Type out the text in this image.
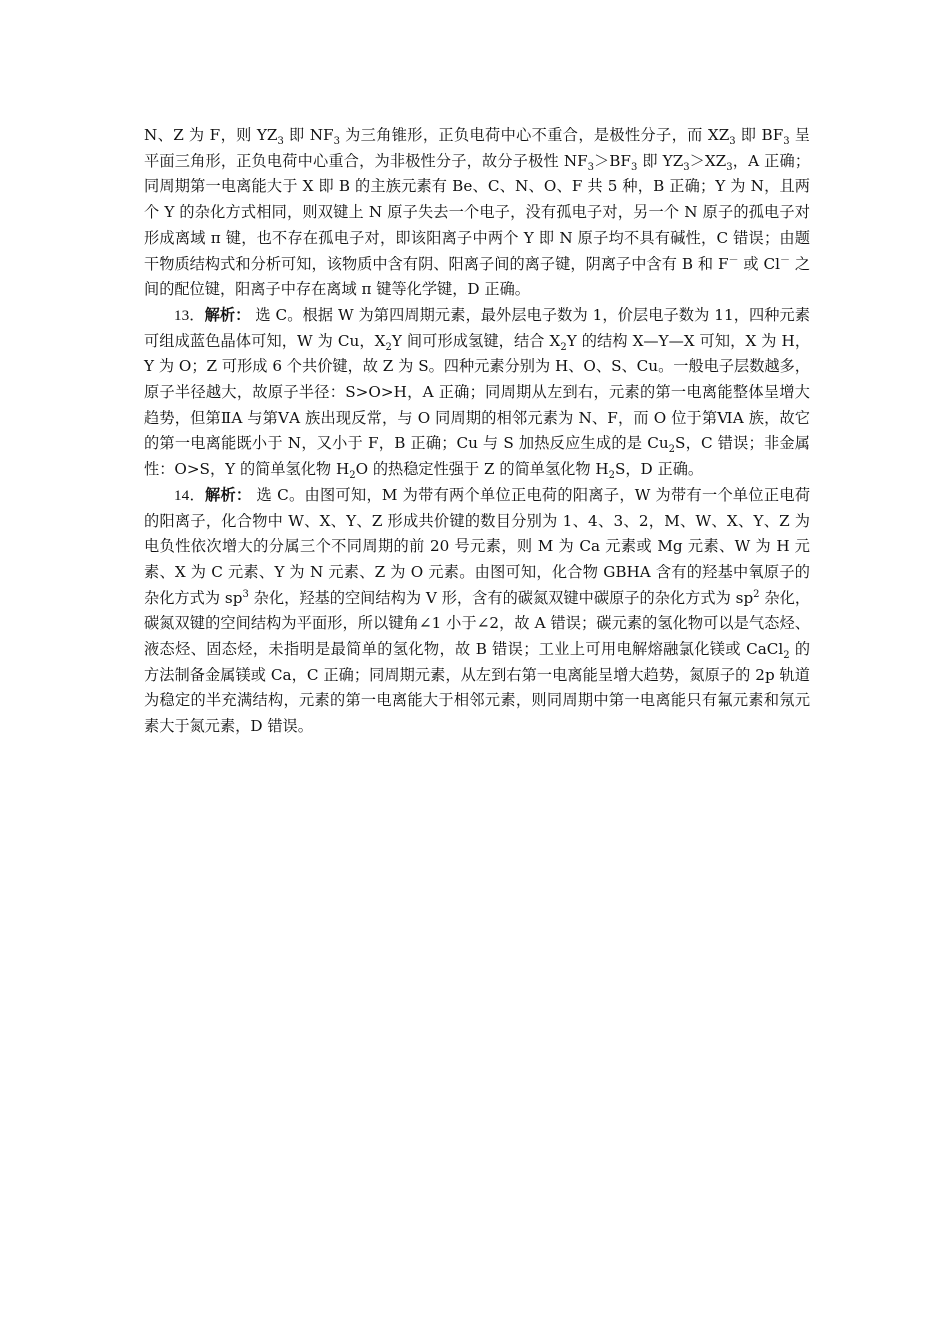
N、Z 为 F，则 $YZ_3$ 即 $NF_3$ 为三角锥形，正负电荷中心不重合，是极性分子，而 $XZ_3$ 即 $BF_3$ 呈平面三角形，正负电荷中心重合，为非极性分子，故分子极性 $NF_3>BF_3$ 即 $YZ_3>XZ_3$，A 正确；同周期第一电离能大于 X 即 B 的主族元素有 Be、C、N、O、F 共 5 种，B 正确；Y 为 N，且两个 Y 的杂化方式相同，则双键上 N 原子失去一个电子，没有孤电子对，另一个 N 原子的孤电子对形成离域 π 键，也不存在孤电子对，即该阳离子中两个 Y 即 N 原子均不具有碱性，C 错误；由题干物质结构式和分析可知，该物质中含有阴、阳离子间的离子键，阴离子中含有 B 和 F－ 或 Cl－ 之间的配位键，阳离子中存在离域 π 键等化学键，D 正确。

13．解析： 选 C。根据 W 为第四周期元素，最外层电子数为 1，价层电子数为 11，四种元素可组成蓝色晶体可知，W 为 Cu，$X_2Y$ 间可形成氢键，结合 $X_2Y$ 的结构 X—Y—X 可知，X 为 H，Y 为 O；Z 可形成 6 个共价键，故 Z 为 S。四种元素分别为 H、O、S、Cu。一般电子层数越多，原子半径越大，故原子半径：S>O>H，A 正确；同周期从左到右，元素的第一电离能整体呈增大趋势，但第ⅡA 与第ⅤA 族出现反常，与 O 同周期的相邻元素为 N、F，而 O 位于第ⅥA 族，故它的第一电离能既小于 N，又小于 F，B 正确；Cu 与 S 加热反应生成的是 $Cu_2S$，C 错误；非金属性：O>S，Y 的简单氢化物 $H_2O$ 的热稳定性强于 Z 的简单氢化物 $H_2S$，D 正确。

14．解析： 选 C。由图可知，M 为带有两个单位正电荷的阳离子，W 为带有一个单位正电荷的阳离子，化合物中 W、X、Y、Z 形成共价键的数目分别为 1、4、3、2，M、W、X、Y、Z 为电负性依次增大的分属三个不同周期的前 20 号元素，则 M 为 Ca 元素或 Mg 元素、W 为 H 元素、X 为 C 元素、Y 为 N 元素、Z 为 O 元素。由图可知，化合物 GBHA 含有的羟基中氧原子的杂化方式为 $sp^3$ 杂化，羟基的空间结构为 V 形，含有的碳氮双键中碳原子的杂化方式为 $sp^2$ 杂化，碳氮双键的空间结构为平面形，所以键角∠1 小于∠2，故 A 错误；碳元素的氢化物可以是气态烃、液态烃、固态烃，未指明是最简单的氢化物，故 B 错误；工业上可用电解熔融氯化镁或 CaCl$_2$ 的方法制备金属镁或 Ca，C 正确；同周期元素，从左到右第一电离能呈增大趋势，氮原子的 2p 轨道为稳定的半充满结构，元素的第一电离能大于相邻元素，则同周期中第一电离能只有氟元素和氖元素大于氮元素，D 错误。
